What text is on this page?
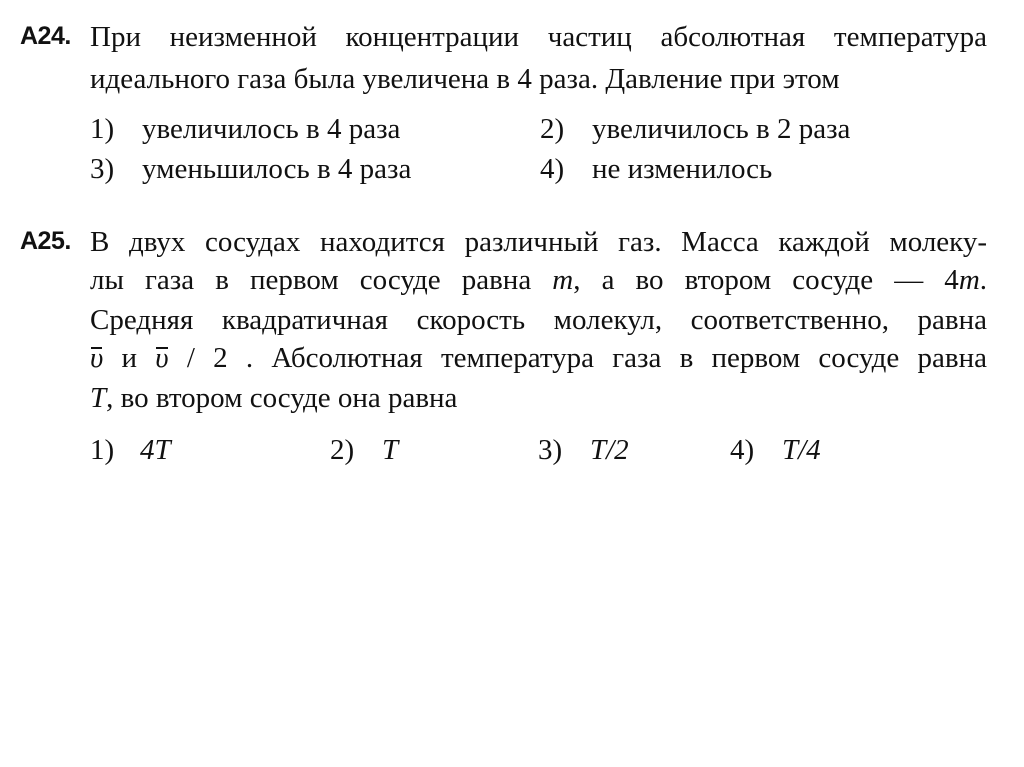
A24. При неизменной концентрации частиц абсолютная температура
идеального газа была увеличена в 4 раза. Давление при этом
1) увеличилось в 4 раза	2) увеличилось в 2 раза
3) уменьшилось в 4 раза	4) не изменилось
A25. В двух сосудах находится различный газ. Масса каждой молеку-
лы газа в первом сосуде равна m, а во втором сосуде — 4m.
Средняя квадратичная скорость молекул, соответственно, равна
υ и υ / 2 . Абсолютная температура газа в первом сосуде равна
T, во втором сосуде она равна
1) 4T	2) T	3) T/2	4) T/4
